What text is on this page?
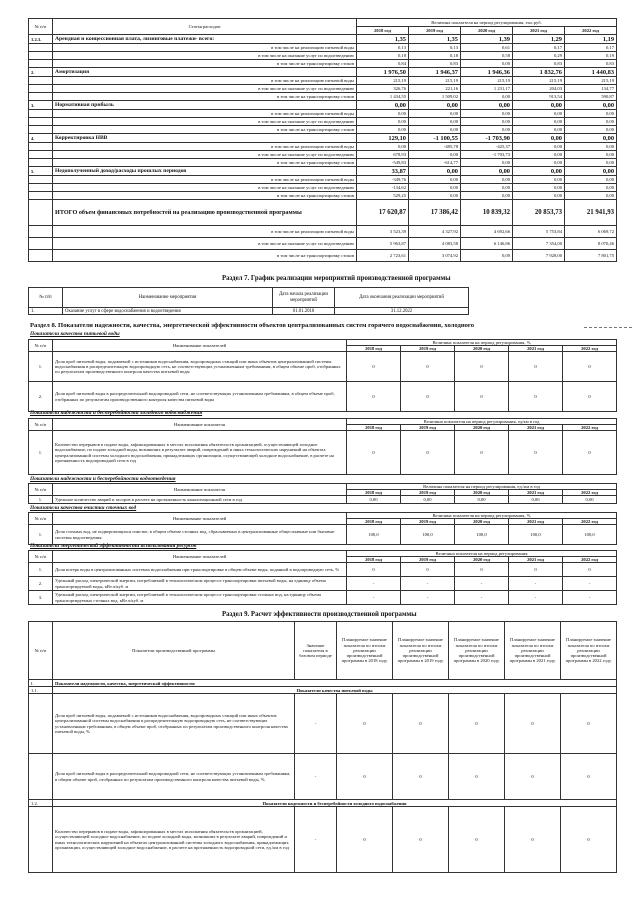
№ п/п	Статья расходов	Величина показателя на период регулирования, тыс.руб.				
		2018 год	2019 год	2020 год	2021 год	2022 год
1.2.3.	Арендная и концессионная плата, лизинговые платежи- всего:	1,35	1,35	1,39	1,29	1,19
	в том числе на реализацию питьевой воды	0,13	0,13	0,61	0,17	0,17
	в том числе на оказание услуг по водоотведению	0,18	0,18	0,58	0,29	0,19
	в том числе на транспортировку стоков	0,84	0,83	0,00	0,83	0,83
2.	Амортизация	1 976,50	1 946,37	1 946,36	1 832,76	1 440,83
	в том числе на реализацию питьевой воды	215,19	215,19	215,19	215,19	215,19
	в том числе на оказание услуг по водоотведению	326,76	221,16	1 231,17	204,03	134,77
	в том числе на транспортировку стоков	1 434,55	1 509,02	0,00	913,54	590,87
3.	Нормативная прибыль	0,00	0,00	0,00	0,00	0,00
	в том числе на реализацию питьевой воды	0,00	0,00	0,00	0,00	0,00
	в том числе на оказание услуг по водоотведению	0,00	0,00	0,00	0,00	0,00
	в том числе на транспортировку стоков	0,00	0,00	0,00	0,00	0,00
4.	Корректировка НВВ	129,10	-1 100,55	-1 703,90	0,00	0,00
	в том числе на реализацию питьевой воды	0,00	-485,78	-425,37	0,00	0,00
	в том числе на оказание услуг по водоотведению	678,93	0,00	-1 703,73	0,00	0,00
	в том числе на транспортировку стоков	-549,83	-614,77	0,00	0,00	0,00
5.	Недополученный доход/расходы прошлых периодов	33,87	0,00	0,00	0,00	0,00
	в том числе на реализацию питьевой воды	-349,76	0,00	0,00	0,00	0,00
	в том числе на оказание услуг по водоотведению	-134,62	0,00	0,00	0,00	0,00
	в том числе на транспортировку стоков	529,25	0,00	0,00	0,00	0,00
	ИТОГО объем финансовых потребностей на реализацию производственной программы	17 620,87	17 386,42	10 839,32	20 853,73	21 941,93
	в том числе на реализацию питьевой воды	3 523,39	4 327,92	4 692,66	5 753,84	6 069,72
	в том числе на оказание услуг по водоотведению	5 963,87	4 083,58	6 146,86	7 354,00	8 070,46
	в том числе на транспортировку стоков	2 723,61	3 074,92	0,00	7 928,00	7 801,75
Раздел 7. График реализации мероприятий производственной программы
№ п/п	Наименование мероприятия	Дата начала реализации мероприятий	Дата окончания реализации мероприятий
1.	Оказание услуг в сфере водоснабжения и водоотведения	01.01.2018	31.12.2022
Раздел 8. Показатели надежности, качества, энергетической эффективности объектов централизованных систем горячего водоснабжения, холодного
Показатели качества питьевой воды
№ п/п	Наименование показателей	Величина показателя на период регулирования, %				
		2018 год	2019 год	2020 год	2021 год	2022 год
1.	Доля проб питьевой воды, подаваемой с источников водоснабжения, водопроводных станций или иных объектов централизованной системы водоснабжения в распределительную водопроводную сеть, не соответствующих установленным требованиям, в общем объеме проб, отобранных по результатам производственного контроля качества питьевой воды	0	0	0	0	0
2.	Доля проб питьевой воды в распределительной водопроводной сети, не соответствующих установленным требованиям, в общем объеме проб, отобранных по результатам производственного контроля качества питьевой воды	0	0	0	0	0
Показатели надежности и бесперебойности холодного водоснабжения
№ п/п	Наименование показателя	Величина показателя на период регулирования, ед/км в год				
		2018 год	2019 год	2020 год	2021 год	2022 год
1.	Количество перерывов в подаче воды, зафиксированных в местах исполнения обязательств организацией, осуществляющей холодное водоснабжение, по подаче холодной воды, возникших в результате аварий, повреждений и иных технологических нарушений на объектах централизованной системы холодного водоснабжения, принадлежащих организации, осуществляющей холодное водоснабжение, в расчете на протяженность водопроводной сети в год	0	0	0	0	0
Показатели надежности и бесперебойности водоотведения
№ п/п	Наименование показателя	Величина показателя на период регулирования, ед./км в год				
		2018 год	2019 год	2020 год	2021 год	2022 год
1.	Удельное количество аварий и засоров в расчете на протяженность канализационной сети в год	0,00	0,00	0,00	0,00	0,00
Показатели качества очистки сточных вод
№ п/п	Наименование показателей	Величина показателя на период регулирования, %				
		2018 год	2019 год	2020 год	2021 год	2022 год
1.	Доля сточных вод, не подвергающихся очистке, в общем объеме сточных вод, сбрасываемых в централизованные общесплавные или бытовые системы водоотведения	100,0	100,0	100,0	100,0	100,0
Показатели энергетической эффективности использования ресурсов
№ п/п	Наименование показателей	Величина показателя на период регулирования				
		2018 год	2019 год	2020 год	2021 год	2022 год
1.	Доля потерь воды в централизованных системах водоснабжения при транспортировке в общем объеме воды, поданной в водопроводную сеть, %	0	0	0	0	0
2.	Удельный расход электрической энергии, потребляемой в технологическом процессе транспортировки питьевой воды, на единицу объема транспортируемой воды, кВт.ч/куб. м	-	-	-	-	-
3.	Удельный расход электрической энергии, потребляемой в технологическом процессе транспортировки сточных вод, на единицу объема транспортируемых сточных вод, кВт.ч/куб. м	-	-	-	-	-
Раздел 9. Расчет эффективности производственной программы
№ п/п	Показатели производственной программы	Значение показателя в базовом периоде	Планируемое значение показателя по итогам реализации производственной программы в 2018 году	Планируемое значение показателя по итогам реализации производственной программы в 2019 году	Планируемое значение показателя по итогам реализации производственной программы в 2020 году	Планируемое значение показателя по итогам реализации производственной программы в 2021 году	Планируемое значение показателя по итогам реализации производственной программы в 2022 году
I.	Показатели надежности, качества, энергетической эффективности:						
1.1.	Показатели качества питьевой воды						
	Доля проб питьевой воды, подаваемой с источников водоснабжения, водопроводных станций или иных объектов централизованной системы водоснабжения в распределительную водопроводную сеть, не соответствующих установленным требованиям, в общем объеме проб, отобранных по результатам производственного контроля качества питьевой воды, %	-	0	0	0	0	0
	Доля проб питьевой воды в распределительной водопроводной сети, не соответствующих установленным требованиям, в общем объеме проб, отобранных по результатам производственного контроля качества питьевой воды, %	-	0	0	0	0	0
1.2.	Показатели надежности и бесперебойности холодного водоснабжения						
	Количество перерывов в подаче воды, зафиксированных в местах исполнения обязательств организацией, осуществляющей холодное водоснабжение, по подаче холодной воды, возникших в результате аварий, повреждений и иных технологических нарушений на объектах централизованной системы холодного водоснабжения, принадлежащих организации, осуществляющей холодное водоснабжение, в расчете на протяженность водопроводной сети, ед./км в год	-	0	0	0	0	0
